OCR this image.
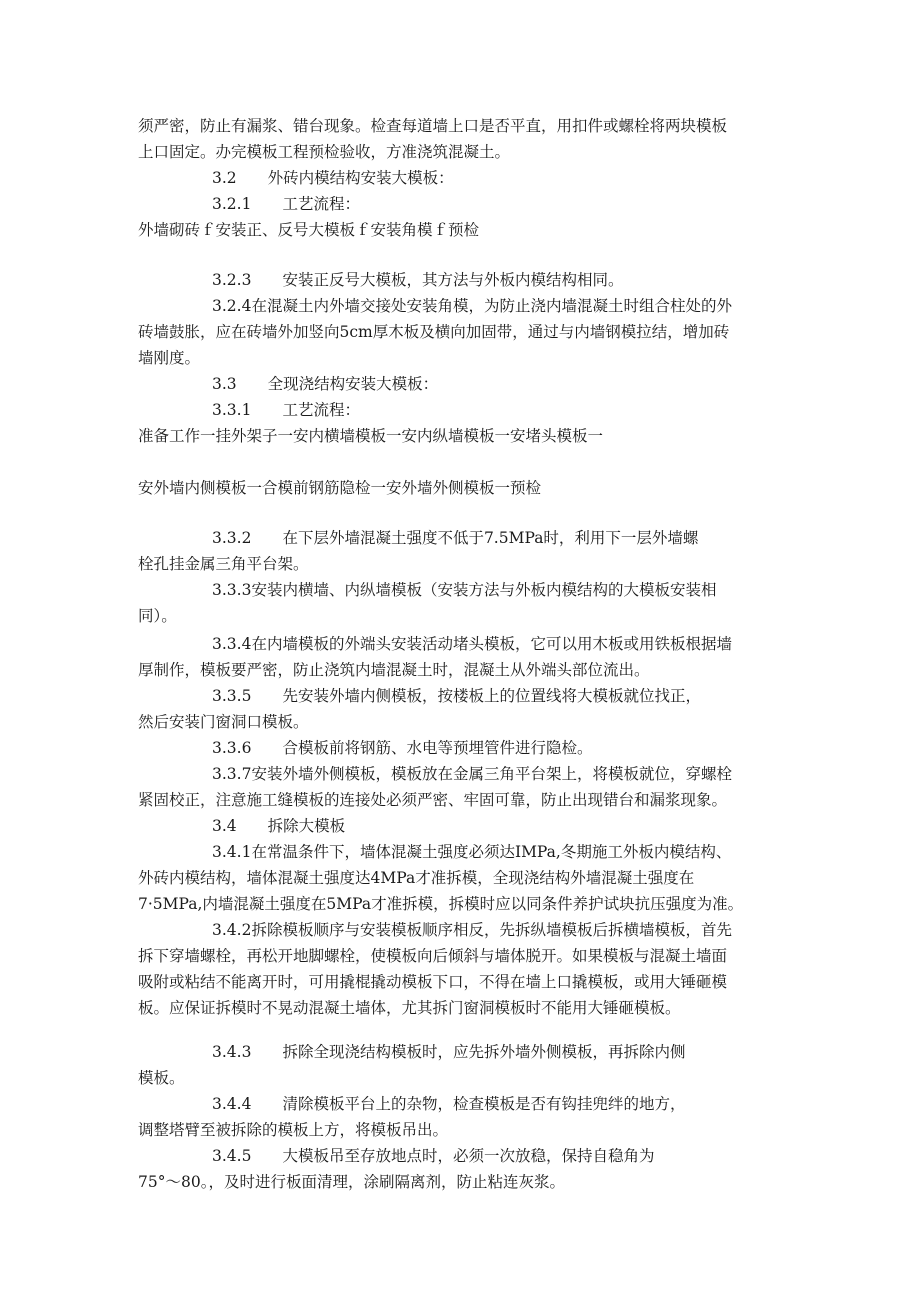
须严密，防止有漏浆、错台现象。检查每道墙上口是否平直，用扣件或螺栓将两块模板

上口固定。办完模板工程预检验收，方准浇筑混凝土。

3.2　　外砖内模结构安装大模板：

3.2.1　　工艺流程：

外墙砌砖ｆ安装正、反号大模板ｆ安装角模ｆ预检

3.2.3　　安装正反号大模板，其方法与外板内模结构相同。

3.2.4在混凝土内外墙交接处安装角模，为防止浇内墙混凝土时组合柱处的外

砖墙鼓胀，应在砖墙外加竖向5cm厚木板及横向加固带，通过与内墙钢模拉结，增加砖

墙刚度。

3.3　　全现浇结构安装大模板：

3.3.1　　工艺流程：

准备工作一挂外架子一安内横墙模板一安内纵墙模板一安堵头模板一

安外墙内侧模板一合模前钢筋隐检一安外墙外侧模板一预检

3.3.2　　在下层外墙混凝土强度不低于7.5MPa时，利用下一层外墙螺

栓孔挂金属三角平台架。

3.3.3安装内横墙、内纵墙模板（安装方法与外板内模结构的大模板安装相

同）。

3.3.4在内墙模板的外端头安装活动堵头模板，它可以用木板或用铁板根据墙

厚制作，模板要严密，防止浇筑内墙混凝土时，混凝土从外端头部位流出。

3.3.5　　先安装外墙内侧模板，按楼板上的位置线将大模板就位找正，

然后安装门窗洞口模板。

3.3.6　　合模板前将钢筋、水电等预埋管件进行隐检。

3.3.7安装外墙外侧模板，模板放在金属三角平台架上，将模板就位，穿螺栓

紧固校正，注意施工缝模板的连接处必须严密、牢固可靠，防止出现错台和漏浆现象。

3.4　　拆除大模板

3.4.1在常温条件下，墙体混凝土强度必须达IMPa,冬期施工外板内模结构、

外砖内模结构，墙体混凝土强度达4MPa才准拆模，全现浇结构外墙混凝土强度在

7·5MPa,内墙混凝土强度在5MPa才准拆模，拆模时应以同条件养护试块抗压强度为准。

3.4.2拆除模板顺序与安装模板顺序相反，先拆纵墙模板后拆横墙模板，首先

拆下穿墙螺栓，再松开地脚螺栓，使模板向后倾斜与墙体脱开。如果模板与混凝土墙面

吸附或粘结不能离开时，可用撬棍撬动模板下口，不得在墙上口撬模板，或用大锤砸模

板。应保证拆模时不晃动混凝土墙体，尤其拆门窗洞模板时不能用大锤砸模板。

3.4.3　　拆除全现浇结构模板时，应先拆外墙外侧模板，再拆除内侧

模板。

3.4.4　　清除模板平台上的杂物，检查模板是否有钩挂兜绊的地方，

调整塔臂至被拆除的模板上方，将模板吊出。

3.4.5　　大模板吊至存放地点时，必须一次放稳，保持自稳角为

75°～80。，及时进行板面清理，涂刷隔离剂，防止粘连灰浆。
